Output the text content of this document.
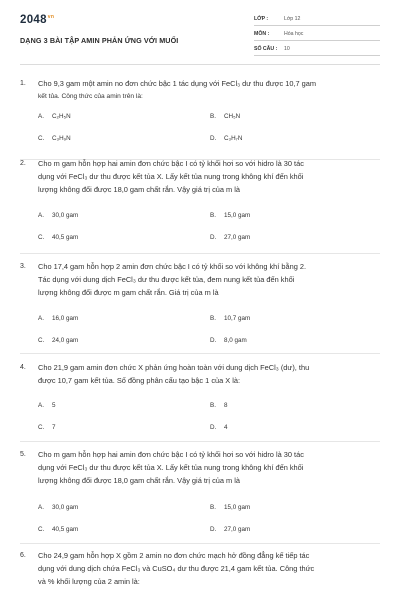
$2048^{vn}$
DẠNG 3 BÀI TẬP AMIN PHẢN ỨNG VỚI MUỐI
LỚP :	Lớp 12
MÔN :	Hóa học
SỐ CÂU : 10
1. Cho 9,3 gam một amin no đơn chức bậc 1 tác dụng với FeCl₃ dư thu được 10,7 gam
kết tủa. Công thức của amin trên là:
A. C₂H₅N	B. CH₅N
C. C₃H₉N	D. C₃H₇N
2. Cho m gam hỗn hợp hai amin đơn chức bậc I có tỷ khối hơi so với hidro là 30 tác
dụng với FeCl₃ dư thu được kết tủa X. Lấy kết tủa nung trong không khí đến khối
lượng không đổi được 18,0 gam chất rắn. Vậy giá trị của m là
A. 30,0 gam	B. 15,0 gam
C. 40,5 gam	D. 27,0 gam
3. Cho 17,4 gam hỗn hợp 2 amin đơn chức bậc I có tỷ khối so với không khí bằng 2.
Tác dụng với dung dịch FeCl₃ dư thu được kết tủa, đem nung kết tủa đến khối
lượng không đổi được m gam chất rắn. Giá trị của m là
A. 16,0 gam	B. 10,7 gam
C. 24,0 gam	D. 8,0 gam
4. Cho 21,9 gam amin đơn chức X phản ứng hoàn toàn với dung dịch FeCl₃ (dư), thu
được 10,7 gam kết tủa. Số đồng phân cấu tạo bậc 1 của X là:
A. 5	B. 8
C. 7	D. 4
5. Cho m gam hỗn hợp hai amin đơn chức bậc I có tỷ khối hơi so với hidro là 30 tác
dụng với FeCl₃ dư thu được kết tủa X. Lấy kết tủa nung trong không khí đến khối
lượng không đổi được 18,0 gam chất rắn. Vậy giá trị của m là
A. 30,0 gam	B. 15,0 gam
C. 40,5 gam	D. 27,0 gam
6. Cho 24,9 gam hỗn hợp X gồm 2 amin no đơn chức mạch hở đồng đẳng kế tiếp tác
dụng với dung dịch chứa FeCl₃ và CuSO₄ dư thu được 21,4 gam kết tủa. Công thức
và % khối lượng của 2 amin là:
